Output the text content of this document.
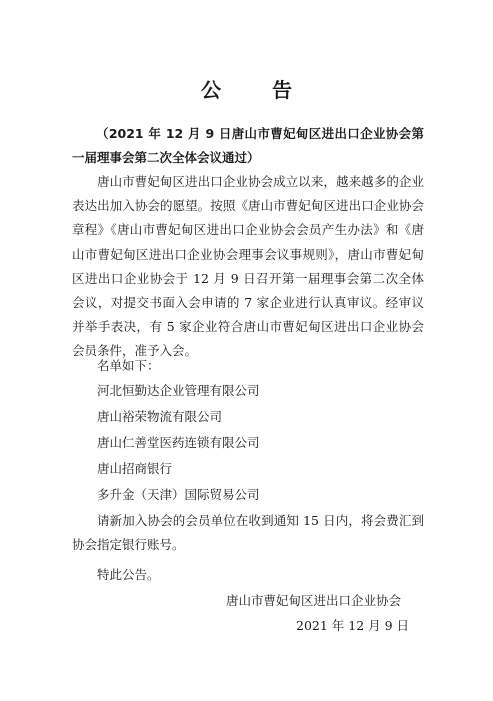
公 告
（2021 年 12 月 9 日唐山市曹妃甸区进出口企业协会第一届理事会第二次全体会议通过）
唐山市曹妃甸区进出口企业协会成立以来，越来越多的企业表达出加入协会的愿望。按照《唐山市曹妃甸区进出口企业协会章程》《唐山市曹妃甸区进出口企业协会会员产生办法》和《唐山市曹妃甸区进出口企业协会理事会议事规则》，唐山市曹妃甸区进出口企业协会于 12 月 9 日召开第一届理事会第二次全体会议，对提交书面入会申请的 7 家企业进行认真审议。经审议并举手表决，有 5 家企业符合唐山市曹妃甸区进出口企业协会会员条件，准予入会。
名单如下：
河北恒勤达企业管理有限公司
唐山裕荣物流有限公司
唐山仁善堂医药连锁有限公司
唐山招商银行
多升金（天津）国际贸易公司
请新加入协会的会员单位在收到通知 15 日内，将会费汇到协会指定银行账号。
特此公告。
唐山市曹妃甸区进出口企业协会
2021 年 12 月 9 日
